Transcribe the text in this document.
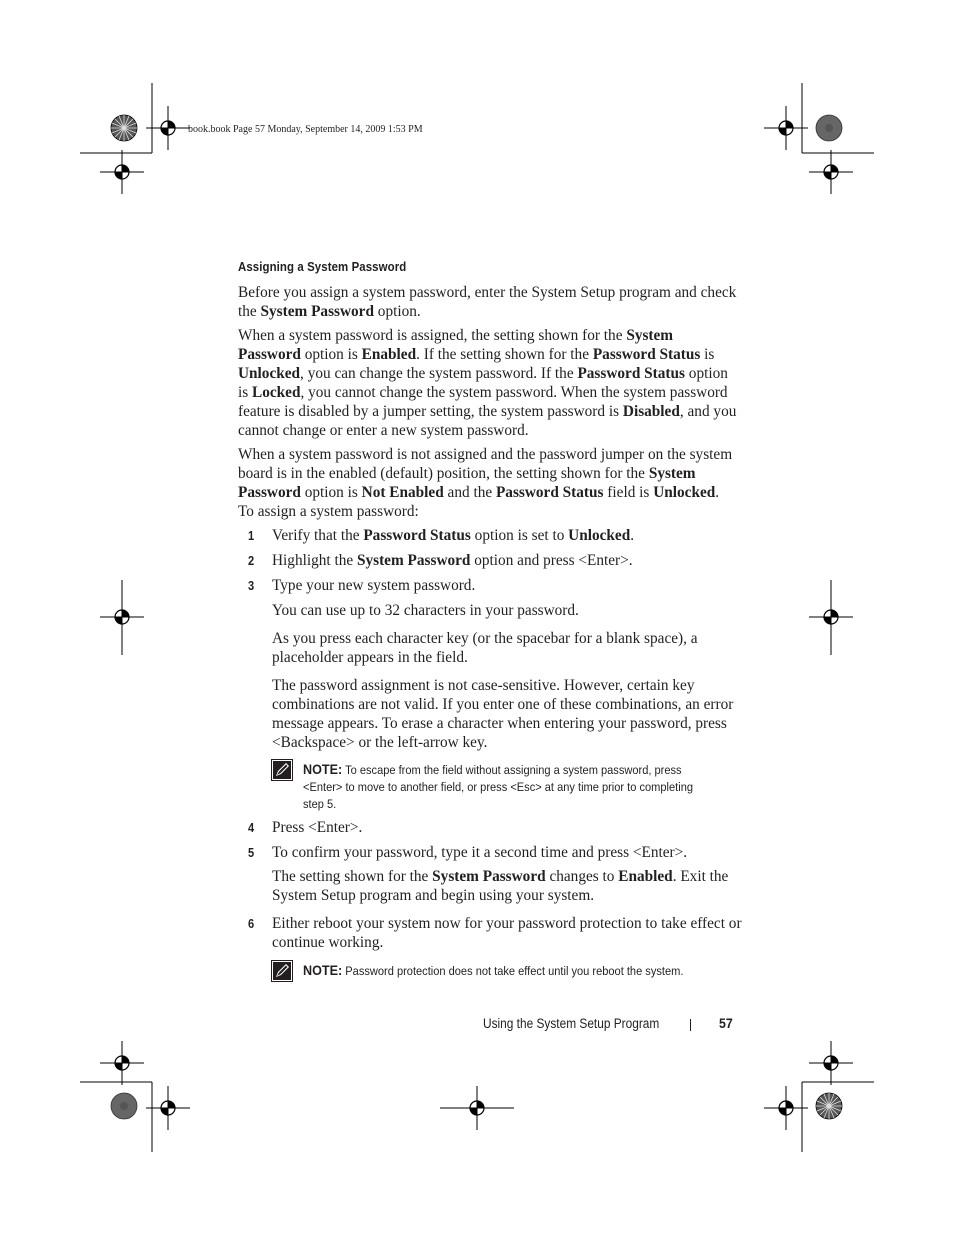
book.book Page 57 Monday, September 14, 2009 1:53 PM
Assigning a System Password
Before you assign a system password, enter the System Setup program and check the System Password option.
When a system password is assigned, the setting shown for the System Password option is Enabled. If the setting shown for the Password Status is Unlocked, you can change the system password. If the Password Status option is Locked, you cannot change the system password. When the system password feature is disabled by a jumper setting, the system password is Disabled, and you cannot change or enter a new system password.
When a system password is not assigned and the password jumper on the system board is in the enabled (default) position, the setting shown for the System Password option is Not Enabled and the Password Status field is Unlocked. To assign a system password:
1 Verify that the Password Status option is set to Unlocked.
2 Highlight the System Password option and press <Enter>.
3 Type your new system password.
You can use up to 32 characters in your password.
As you press each character key (or the spacebar for a blank space), a placeholder appears in the field.
The password assignment is not case-sensitive. However, certain key combinations are not valid. If you enter one of these combinations, an error message appears. To erase a character when entering your password, press <Backspace> or the left-arrow key.
NOTE: To escape from the field without assigning a system password, press <Enter> to move to another field, or press <Esc> at any time prior to completing step 5.
4 Press <Enter>.
5 To confirm your password, type it a second time and press <Enter>.
The setting shown for the System Password changes to Enabled. Exit the System Setup program and begin using your system.
6 Either reboot your system now for your password protection to take effect or continue working.
NOTE: Password protection does not take effect until you reboot the system.
Using the System Setup Program	57
